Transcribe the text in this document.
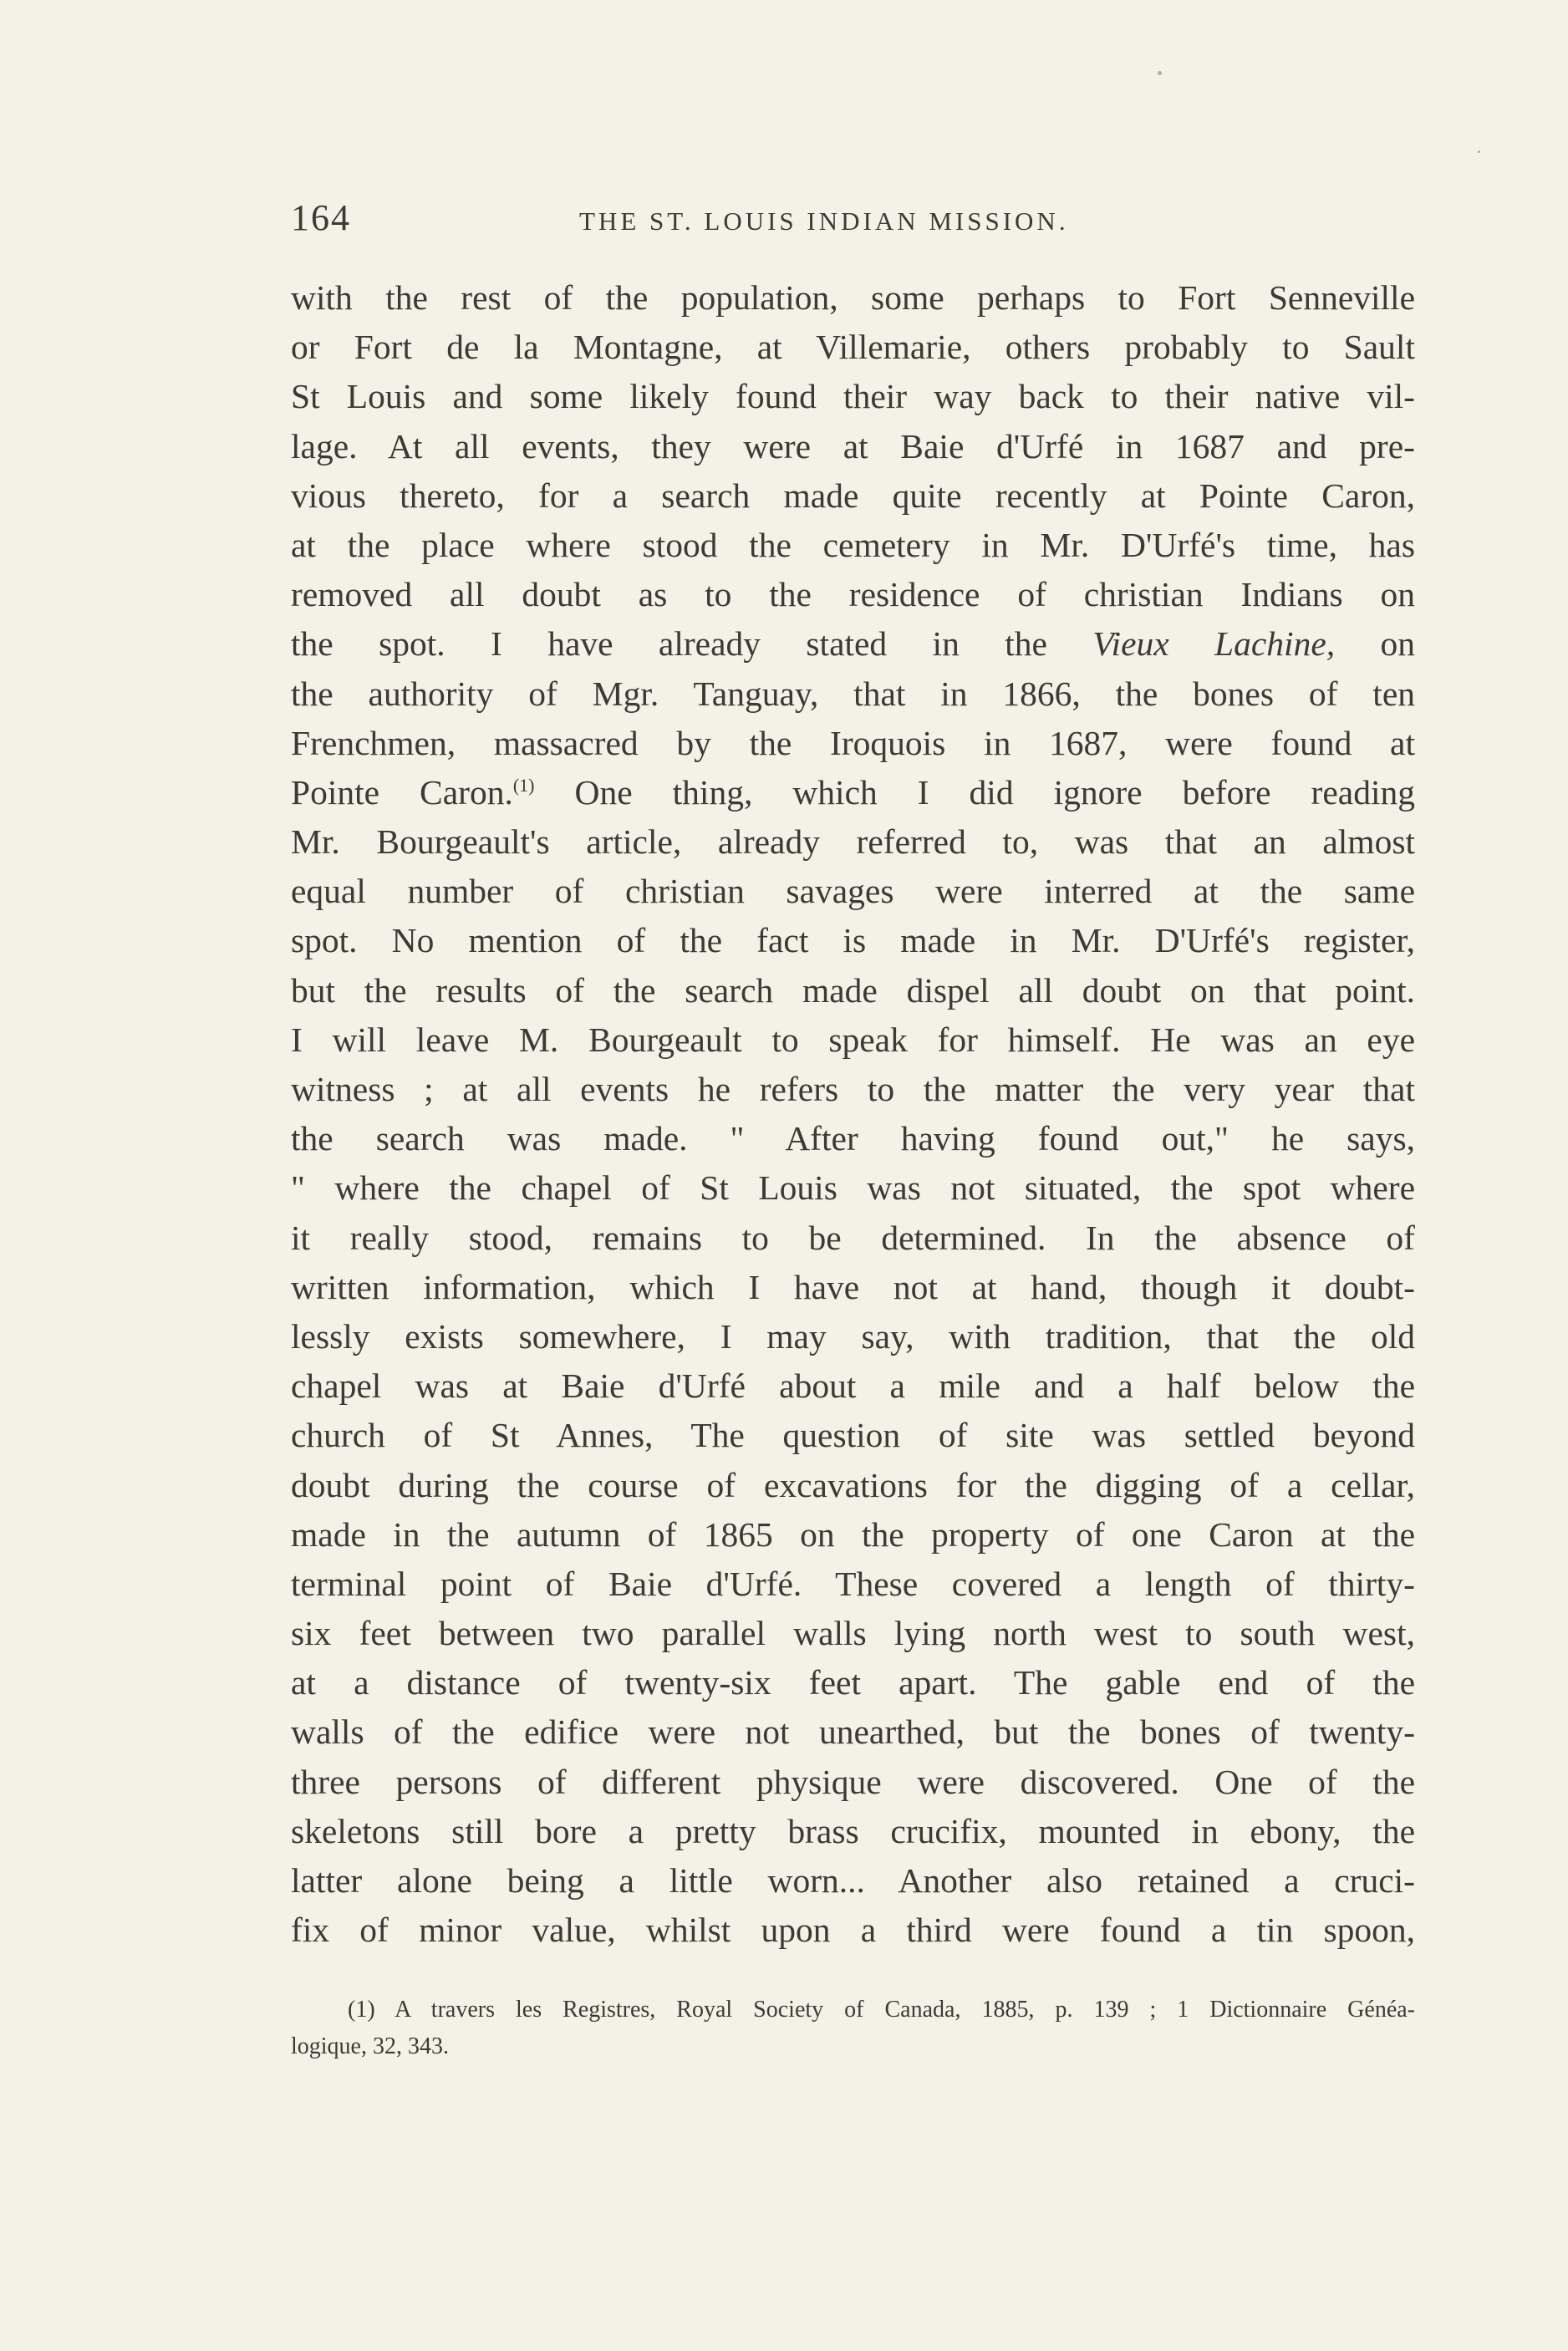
164	THE ST. LOUIS INDIAN MISSION.
with the rest of the population, some perhaps to Fort Senneville
or Fort de la Montagne, at Villemarie, others probably to Sault
St Louis and some likely found their way back to their native vil-
lage. At all events, they were at Baie d'Urfé in 1687 and pre-
vious thereto, for a search made quite recently at Pointe Caron,
at the place where stood the cemetery in Mr. D'Urfé's time, has
removed all doubt as to the residence of christian Indians on
the spot. I have already stated in the Vieux Lachine, on
the authority of Mgr. Tanguay, that in 1866, the bones of ten
Frenchmen, massacred by the Iroquois in 1687, were found at
Pointe Caron.$^{(1)}$ One thing, which I did ignore before reading
Mr. Bourgeault's article, already referred to, was that an almost
equal number of christian savages were interred at the same
spot. No mention of the fact is made in Mr. D'Urfé's register,
but the results of the search made dispel all doubt on that point.
I will leave M. Bourgeault to speak for himself. He was an eye
witness ; at all events he refers to the matter the very year that
the search was made. " After having found out," he says,
" where the chapel of St Louis was not situated, the spot where
it really stood, remains to be determined. In the absence of
written information, which I have not at hand, though it doubt-
lessly exists somewhere, I may say, with tradition, that the old
chapel was at Baie d'Urfé about a mile and a half below the
church of St Annes, The question of site was settled beyond
doubt during the course of excavations for the digging of a cellar,
made in the autumn of 1865 on the property of one Caron at the
terminal point of Baie d'Urfé. These covered a length of thirty-
six feet between two parallel walls lying north west to south west,
at a distance of twenty-six feet apart. The gable end of the
walls of the edifice were not unearthed, but the bones of twenty-
three persons of different physique were discovered. One of the
skeletons still bore a pretty brass crucifix, mounted in ebony, the
latter alone being a little worn... Another also retained a cruci-
fix of minor value, whilst upon a third were found a tin spoon,
(1) A travers les Registres, Royal Society of Canada, 1885, p. 139 ; 1 Dictionnaire Généa-
logique, 32, 343.
